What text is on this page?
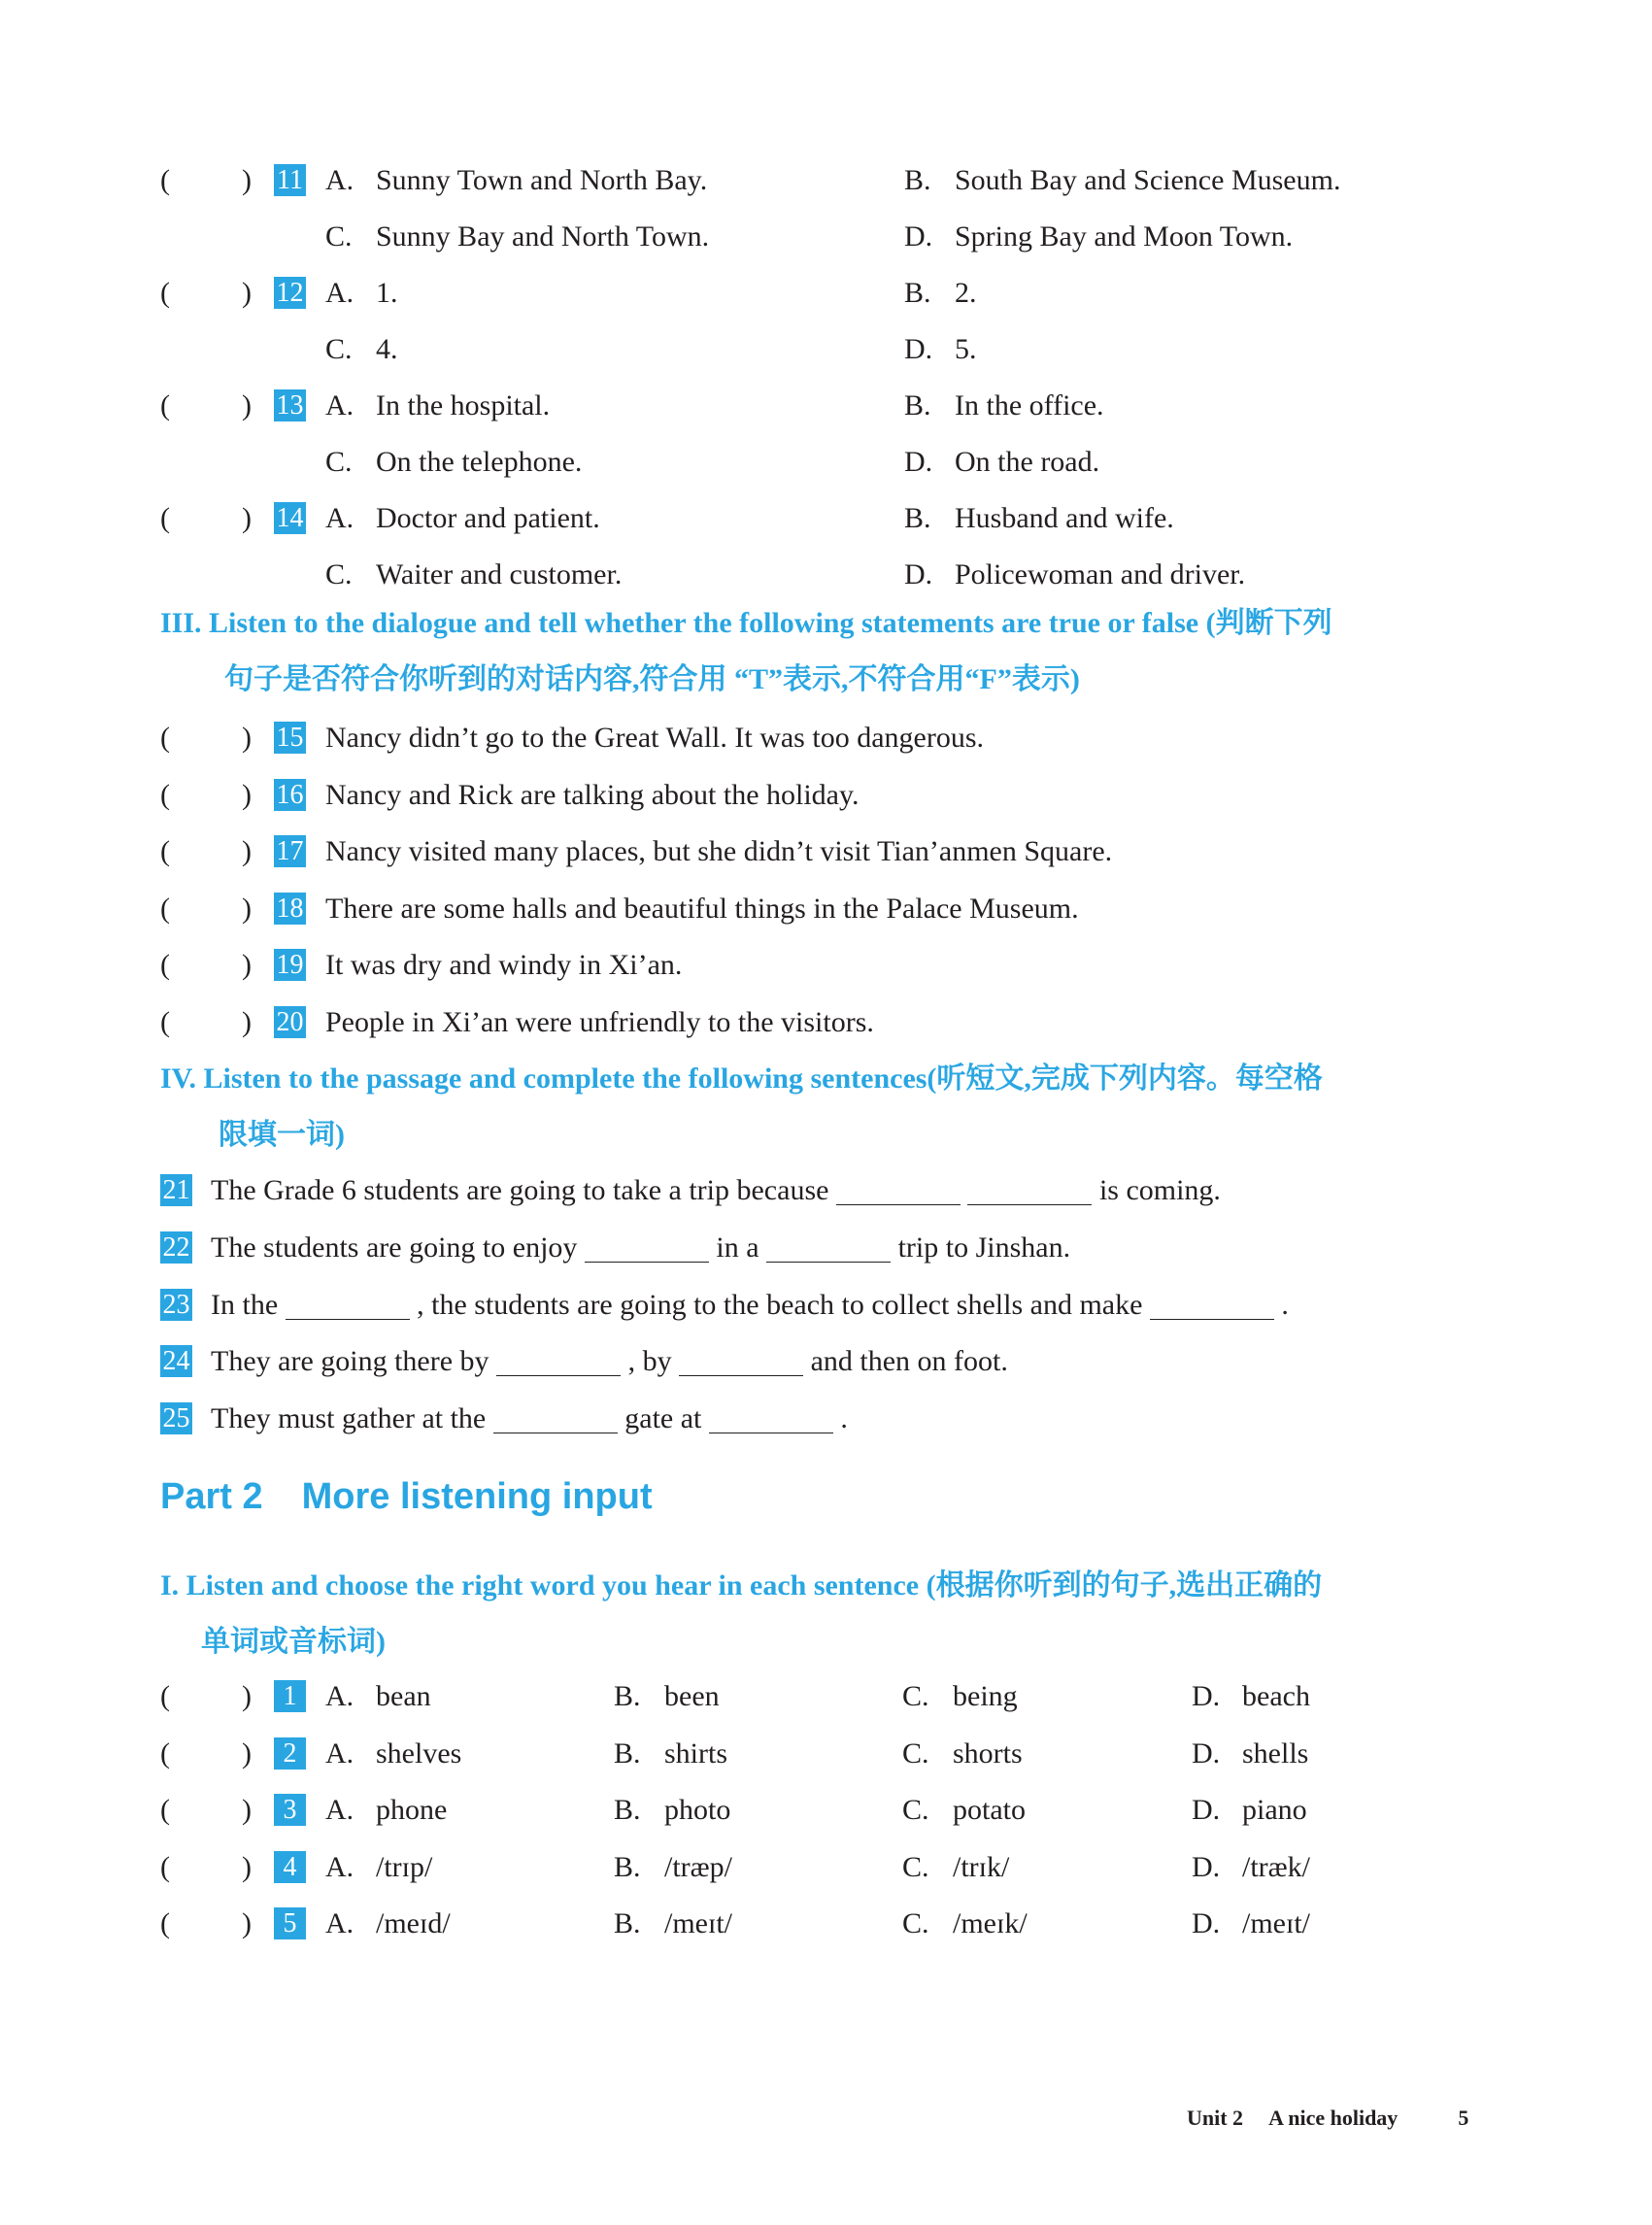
( ) 11 A. Sunny Town and North Bay.	B. South Bay and Science Museum.
C. Sunny Bay and North Town.	D. Spring Bay and Moon Town.
( ) 12 A. 1.	B. 2.
C. 4.	D. 5.
( ) 13 A. In the hospital.	B. In the office.
C. On the telephone.	D. On the road.
( ) 14 A. Doctor and patient.	B. Husband and wife.
C. Waiter and customer.	D. Policewoman and driver.
III. Listen to the dialogue and tell whether the following statements are true or false (判断下列
句子是否符合你听到的对话内容,符合用 “T”表示,不符合用“F”表示)
( ) 15 Nancy didn’t go to the Great Wall. It was too dangerous.
( ) 16 Nancy and Rick are talking about the holiday.
( ) 17 Nancy visited many places, but she didn’t visit Tian’anmen Square.
( ) 18 There are some halls and beautiful things in the Palace Museum.
( ) 19 It was dry and windy in Xi’an.
( ) 20 People in Xi’an were unfriendly to the visitors.
IV. Listen to the passage and complete the following sentences(听短文,完成下列内容。每空格
限填一词)
21 The Grade 6 students are going to take a trip because	is coming.
22 The students are going to enjoy	in a	trip to Jinshan.
23 In the	, the students are going to the beach to collect shells and make	.
24 They are going there by	, by	and then on foot.
25 They must gather at the	gate at	.
Part 2 More listening input
I. Listen and choose the right word you hear in each sentence (根据你听到的句子,选出正确的
单词或音标词)
( )	1 A. bean	B. been	C. being	D. beach
( )	2 A. shelves	B. shirts	C. shorts	D. shells
( )	3 A. phone	B. photo	C. potato	D. piano
( )	4 A. /trɪp/	B. /træp/	C. /trɪk/	D. /træk/
( )	5 A. /meɪd/	B. /meɪt/	C. /meɪk/	D. /meɪt/
Unit 2 A nice holiday	5
